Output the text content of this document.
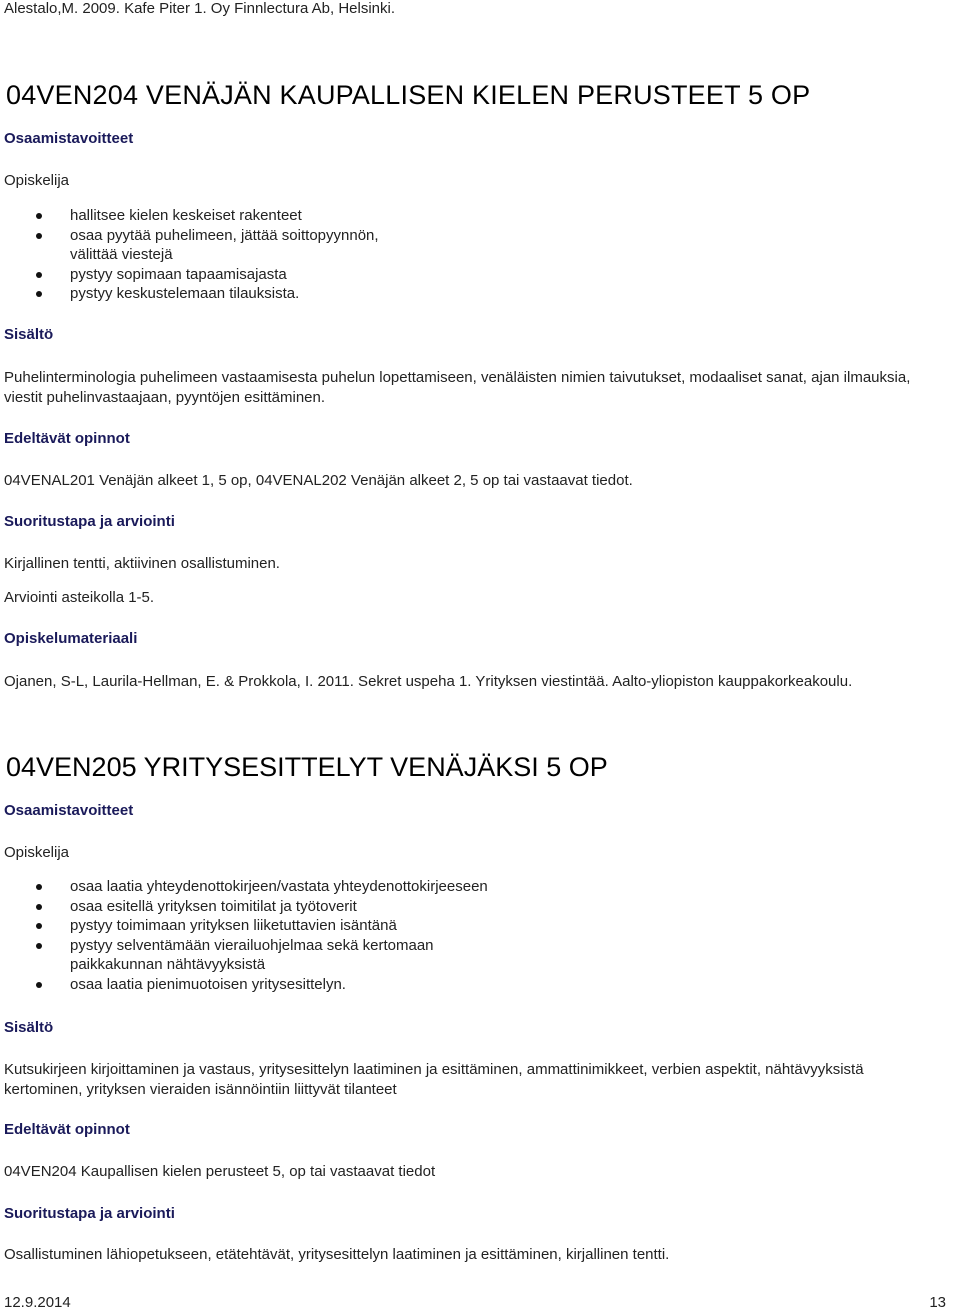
Alestalo,M. 2009. Kafe Piter 1. Oy Finnlectura Ab, Helsinki.
04VEN204 VENÄJÄN KAUPALLISEN KIELEN PERUSTEET 5 OP
Osaamistavoitteet
Opiskelija
hallitsee kielen keskeiset rakenteet
osaa pyytää puhelimeen, jättää soittopyynnön, välittää viestejä
pystyy sopimaan tapaamisajasta
pystyy keskustelemaan tilauksista.
Sisältö
Puhelinterminologia puhelimeen vastaamisesta puhelun lopettamiseen, venäläisten nimien taivutukset, modaaliset sanat, ajan ilmauksia, viestit puhelinvastaajaan, pyyntöjen esittäminen.
Edeltävät opinnot
04VENAL201 Venäjän alkeet 1, 5 op, 04VENAL202 Venäjän alkeet 2, 5 op tai vastaavat tiedot.
Suoritustapa ja arviointi
Kirjallinen tentti, aktiivinen osallistuminen.
Arviointi asteikolla 1-5.
Opiskelumateriaali
Ojanen, S-L, Laurila-Hellman, E. & Prokkola, I. 2011. Sekret uspeha 1. Yrityksen viestintää. Aalto-yliopiston kauppakorkeakoulu.
04VEN205 YRITYSESITTELYT VENÄJÄKSI 5 OP
Osaamistavoitteet
Opiskelija
osaa laatia yhteydenottokirjeen/vastata yhteydenottokirjeeseen
osaa esitellä yrityksen toimitilat ja työtoverit
pystyy toimimaan yrityksen liiketuttavien isäntänä
pystyy selventämään vierailuohjelmaa sekä kertomaan paikkakunnan nähtävyyksistä
osaa laatia pienimuotoisen yritysesittelyn.
Sisältö
Kutsukirjeen kirjoittaminen ja vastaus, yritysesittelyn laatiminen ja esittäminen, ammattinimikkeet, verbien aspektit, nähtävyyksistä kertominen, yrityksen vieraiden isännöintiin liittyvät tilanteet
Edeltävät opinnot
04VEN204 Kaupallisen kielen perusteet 5, op tai vastaavat tiedot
Suoritustapa ja arviointi
Osallistuminen lähiopetukseen, etätehtävät, yritysesittelyn laatiminen ja esittäminen, kirjallinen tentti.
12.9.2014	13
